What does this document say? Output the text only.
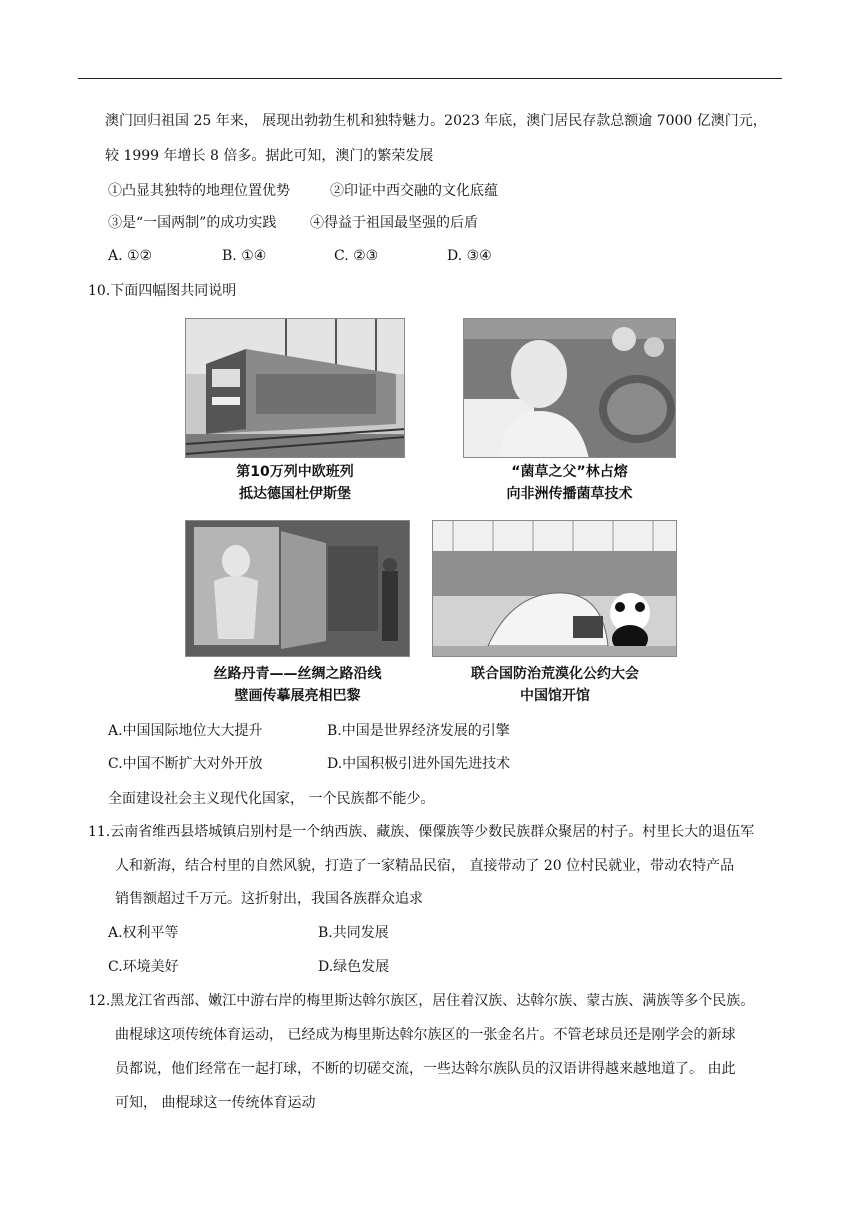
澳门回归祖国 25 年来， 展现出勃勃生机和独特魅力。2023 年底，澳门居民存款总额逾 7000 亿澳门元，
较 1999 年增长 8 倍多。据此可知，澳门的繁荣发展
①凸显其独特的地理位置优势	②印证中西交融的文化底蕴
③是“一国两制”的成功实践 ④得益于祖国最坚强的后盾
A. ①②	B. ①④	C. ②③	D. ③④
10.下面四幅图共同说明
第10万列中欧班列
抵达德国杜伊斯堡
“菌草之父”林占熔
向非洲传播菌草技术
丝路丹青——丝绸之路沿线
壁画传摹展亮相巴黎
联合国防治荒漠化公约大会
中国馆开馆
A.中国国际地位大大提升	B.中国是世界经济发展的引擎
C.中国不断扩大对外开放	D.中国积极引进外国先进技术
全面建设社会主义现代化国家， 一个民族都不能少。
11.云南省维西县塔城镇启别村是一个纳西族、藏族、傈僳族等少数民族群众聚居的村子。村里长大的退伍军
人和新海，结合村里的自然风貌，打造了一家精品民宿， 直接带动了 20 位村民就业，带动农特产品
销售额超过千万元。这折射出，我国各族群众追求
A.权利平等	B.共同发展
C.环境美好	D.绿色发展
12.黑龙江省西部、嫩江中游右岸的梅里斯达斡尔族区，居住着汉族、达斡尔族、蒙古族、满族等多个民族。
曲棍球这项传统体育运动， 已经成为梅里斯达斡尔族区的一张金名片。不管老球员还是刚学会的新球
员都说，他们经常在一起打球，不断的切磋交流，一些达斡尔族队员的汉语讲得越来越地道了。 由此
可知， 曲棍球这一传统体育运动
